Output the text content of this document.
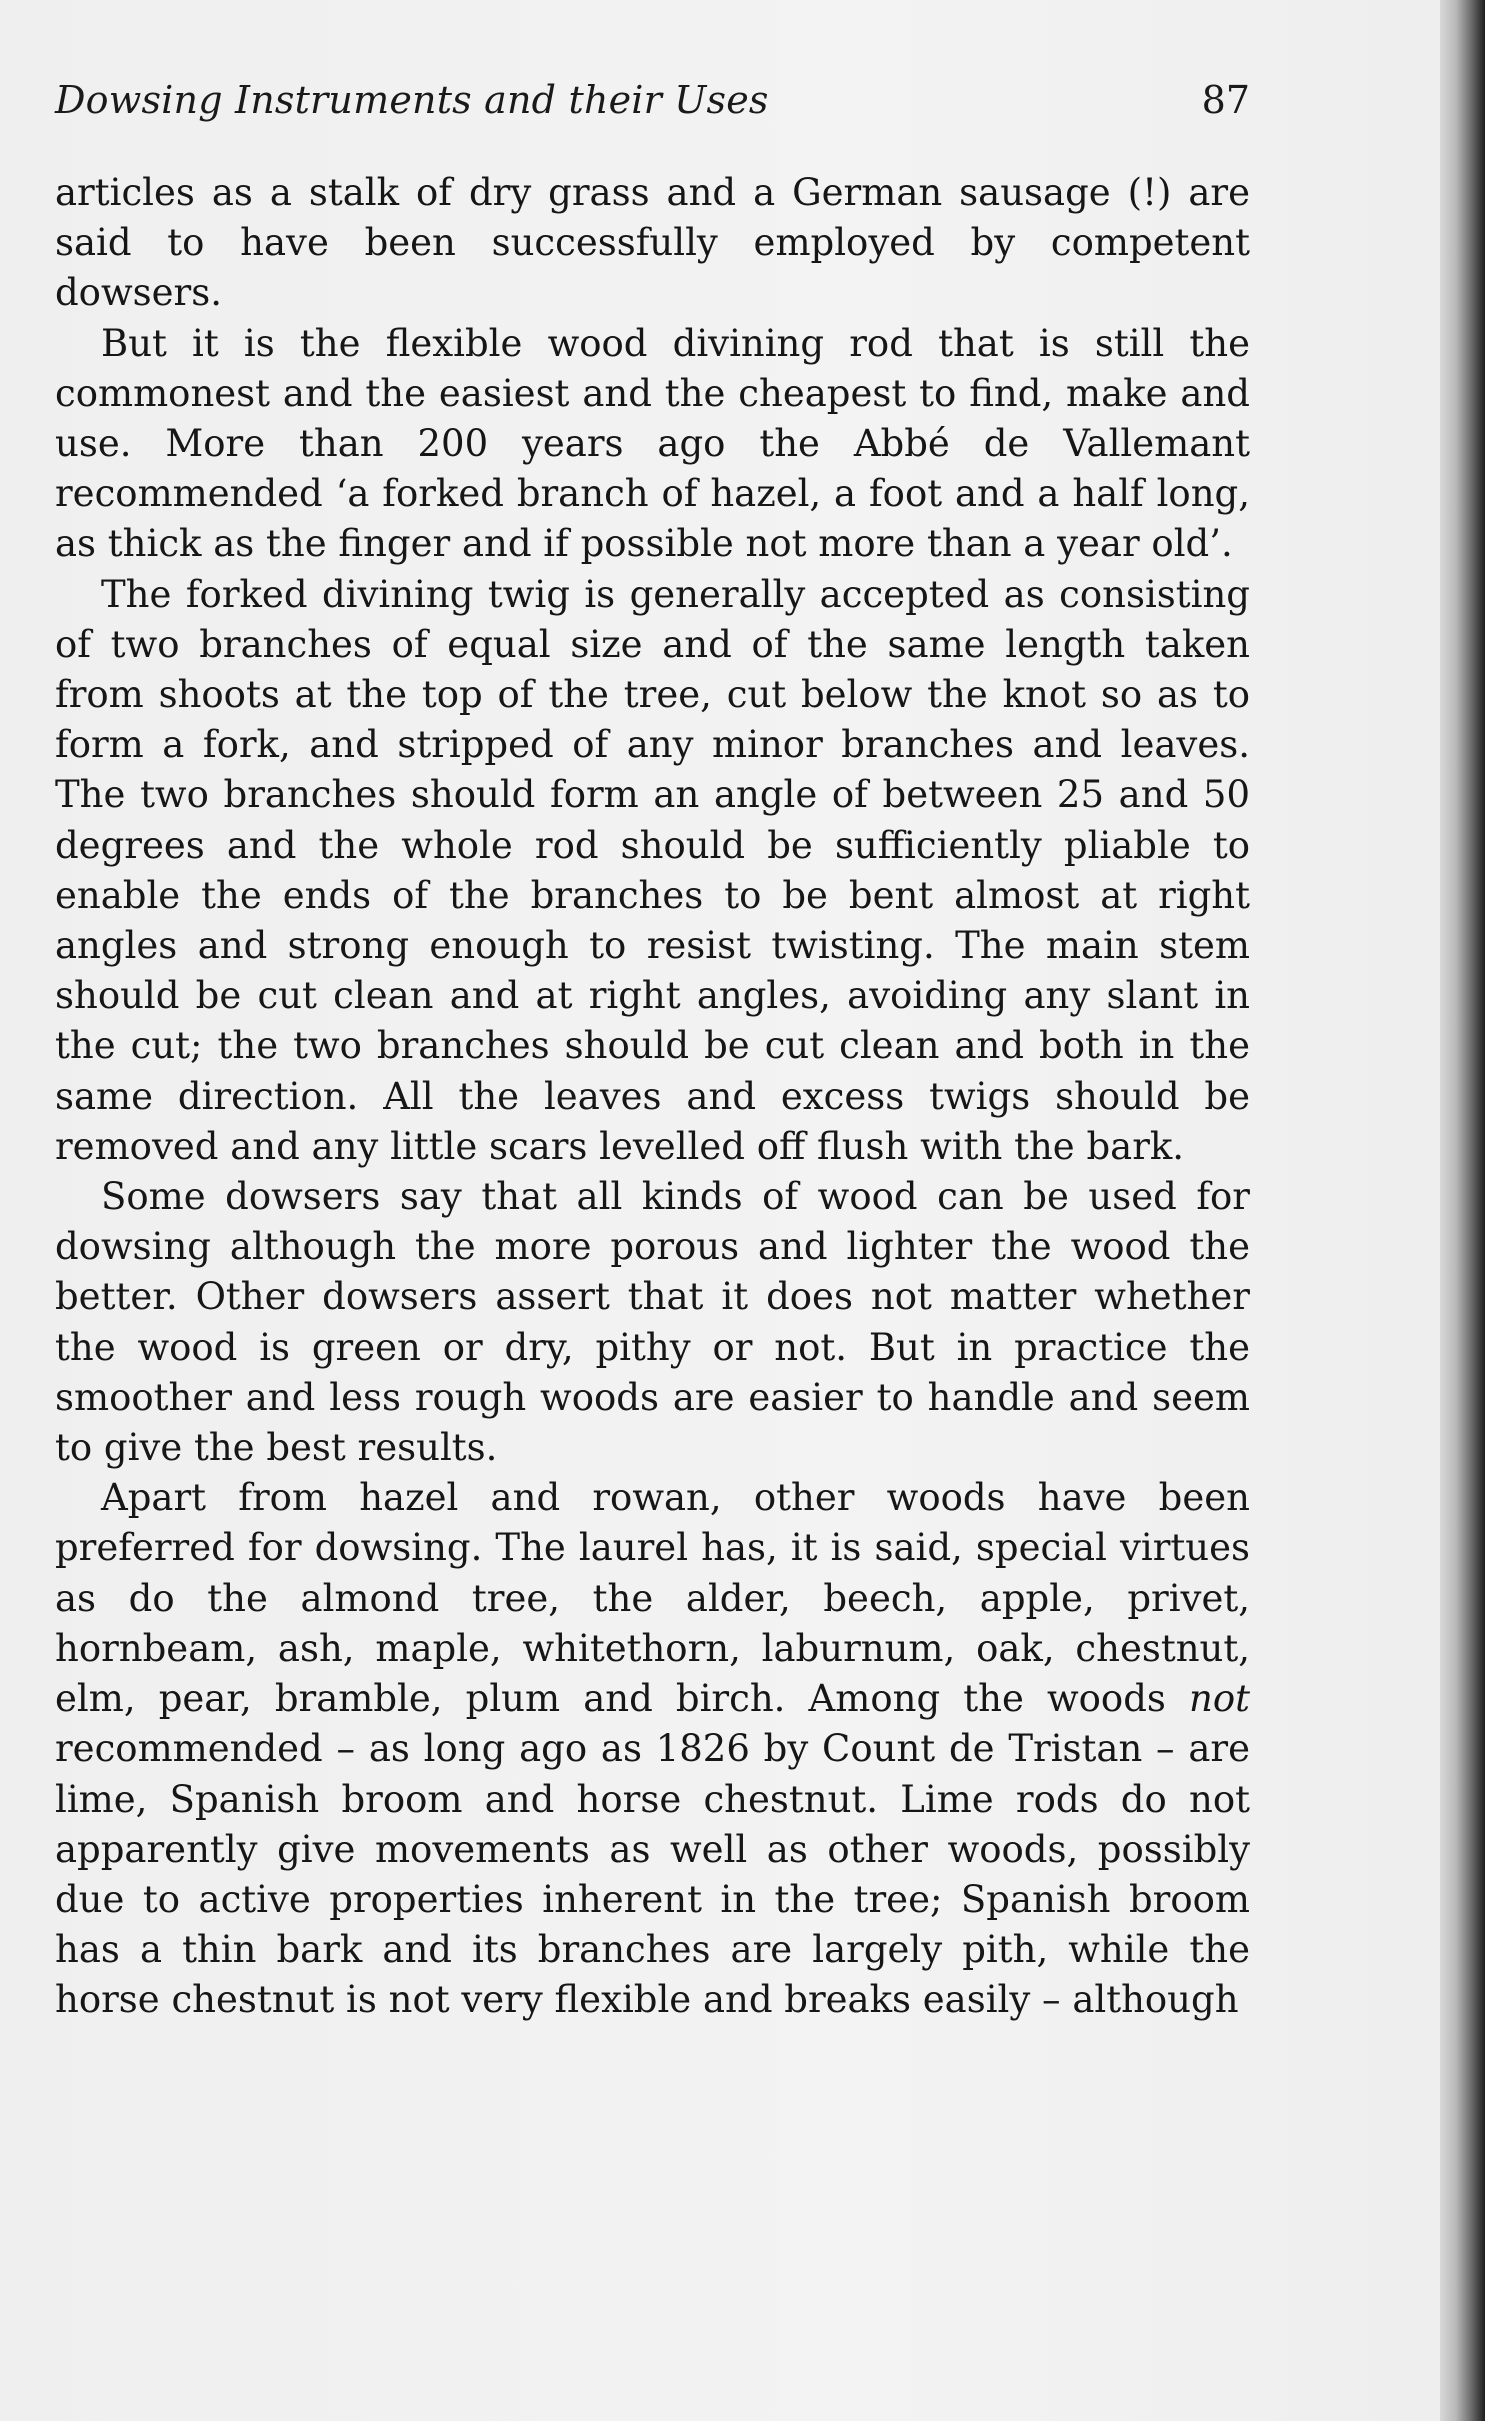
Dowsing Instruments and their Uses	87

articles as a stalk of dry grass and a German sausage (!) are said to have been successfully employed by competent dowsers.

But it is the flexible wood divining rod that is still the commonest and the easiest and the cheapest to find, make and use. More than 200 years ago the Abbé de Vallemant recommended ‘a forked branch of hazel, a foot and a half long, as thick as the finger and if possible not more than a year old’.

The forked divining twig is generally accepted as consisting of two branches of equal size and of the same length taken from shoots at the top of the tree, cut below the knot so as to form a fork, and stripped of any minor branches and leaves. The two branches should form an angle of between 25 and 50 degrees and the whole rod should be sufficiently pliable to enable the ends of the branches to be bent almost at right angles and strong enough to resist twisting. The main stem should be cut clean and at right angles, avoiding any slant in the cut; the two branches should be cut clean and both in the same direction. All the leaves and excess twigs should be removed and any little scars levelled off flush with the bark.

Some dowsers say that all kinds of wood can be used for dowsing although the more porous and lighter the wood the better. Other dowsers assert that it does not matter whether the wood is green or dry, pithy or not. But in practice the smoother and less rough woods are easier to handle and seem to give the best results.

Apart from hazel and rowan, other woods have been preferred for dowsing. The laurel has, it is said, special virtues as do the almond tree, the alder, beech, apple, privet, hornbeam, ash, maple, whitethorn, laburnum, oak, chestnut, elm, pear, bramble, plum and birch. Among the woods not recommended – as long ago as 1826 by Count de Tristan – are lime, Spanish broom and horse chestnut. Lime rods do not apparently give movements as well as other woods, possibly due to active properties inherent in the tree; Spanish broom has a thin bark and its branches are largely pith, while the horse chestnut is not very flexible and breaks easily – although
